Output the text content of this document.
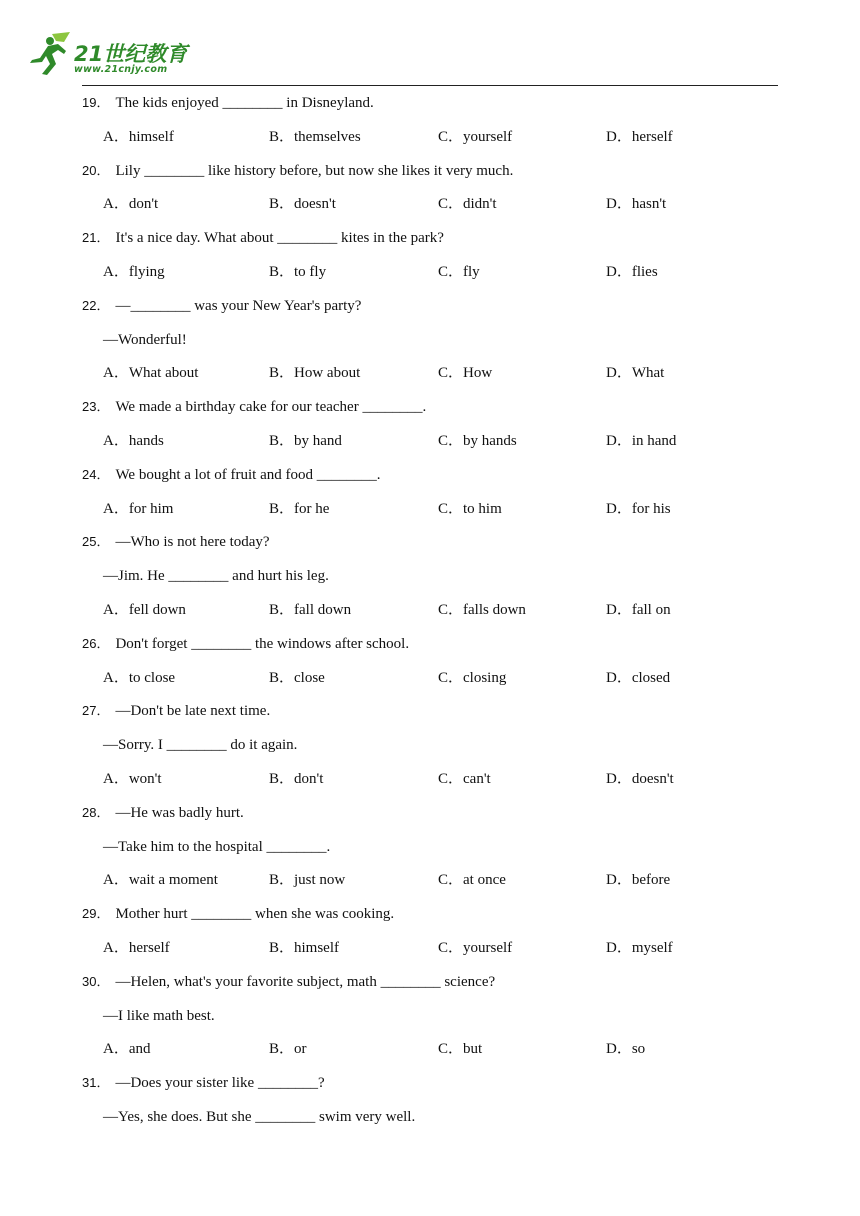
21世纪教育
www.21cnjy.com
19． The kids enjoyed ________ in Disneyland.
A．himself	B．themselves	C．yourself	D．herself
20． Lily ________ like history before, but now she likes it very much.
A．don't	B．doesn't	C．didn't	D．hasn't
21． It's a nice day. What about ________ kites in the park?
A．flying	B．to fly	C．fly	D．flies
22． —________ was your New Year's party?
—Wonderful!
A．What about	B．How about	C．How	D．What
23． We made a birthday cake for our teacher ________.
A．hands	B．by hand	C．by hands	D．in hand
24． We bought a lot of fruit and food ________.
A．for him	B．for he	C．to him	D．for his
25． —Who is not here today?
—Jim. He ________ and hurt his leg.
A．fell down	B．fall down	C．falls down	D．fall on
26． Don't forget ________ the windows after school.
A．to close	B．close	C．closing	D．closed
27． —Don't be late next time.
—Sorry. I ________ do it again.
A．won't	B．don't	C．can't	D．doesn't
28． —He was badly hurt.
—Take him to the hospital ________.
A．wait a moment	B．just now	C．at once	D．before
29． Mother hurt ________ when she was cooking.
A．herself	B．himself	C．yourself	D．myself
30． —Helen, what's your favorite subject, math ________ science?
—I like math best.
A．and	B．or	C．but	D．so
31． —Does your sister like ________?
—Yes, she does. But she ________ swim very well.
